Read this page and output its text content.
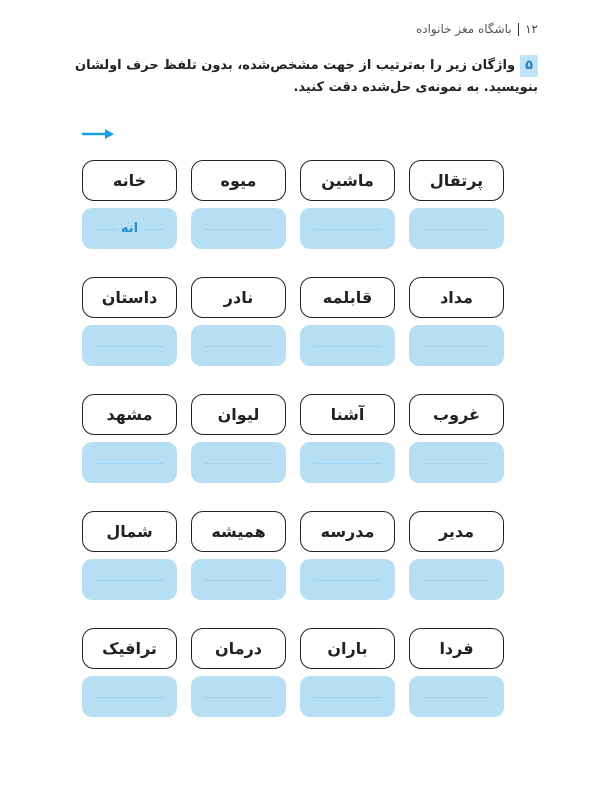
۱۲
باشگاه مغز خانواده
۵واژگان زیر را به‌ترتیب از جهت مشخص‌شده، بدون تلفظ حرف اولشان بنویسید. به نمونه‌ی حل‌شده دقت کنید.
پرتقال
ماشین
میوه
خانه
انه
مداد
قابلمه
نادر
داستان
غروب
آشنا
لیوان
مشهد
مدیر
مدرسه
همیشه
شمال
فردا
باران
درمان
ترافیک
